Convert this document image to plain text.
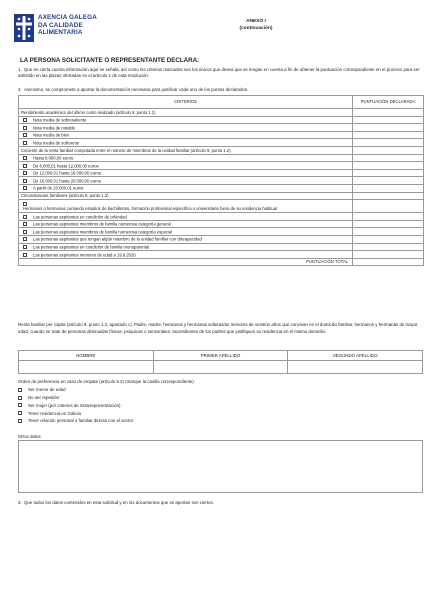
AXENCIA GALEGA
DA CALIDADE
ALIMENTARIA
ANEXO I
(continuación)
LA PERSONA SOLICITANTE O REPRESENTANTE DECLARA:
1. Que en cierta cuenta información aquí se señala, así como los criterios marcados son los únicos que desea que se tengan en cuenta a fin de obtener la puntuación correspondiente en el proceso para ser admitido en las plazas ofertadas en el artículo 1 de esta resolución.
2. Asimismo, se compromete a aportar la documentación necesaria para justificar cada uno de los puntos declarados.
CRITERIOS	PUNTUACIÓN DECLARADA
Rendimiento académico del último curso realizado (artículo 9, punto 1.1)	
Nota media de sobresaliente	
Nota media de notable	
Nota media de bien	
Nota media de suficiente	
Cociente de la renta familiar computada entre el número de miembros de la unidad familiar (artículo 9, punto 1.2)	
Hasta 8.000,00 euros	
De 8.000,01 hasta 12.000,00 euros	
De 12.000,01 hasta 16.000,00 euros	
De 16.000,01 hasta 20.000,00 euros	
A partir de 20.000,01 euros	
Circunstancias familiares (artículo 9, punto 1.3)	
Hermanos o hermanas cursando estudios de bachillerato, formación profesional específica o universitaria fuera de su residencia habitual	
Las personas aspirantes en condición de orfandad	
Las personas aspirantes miembros de familia numerosa categoría general	
Las personas aspirantes miembros de familia numerosa categoría especial	
Las personas aspirantes que tengan algún miembro de la unidad familiar con discapacidad	
Las personas aspirantes en condición de familia monoparental	
Las personas aspirantes menores de edad a 19.6.2026	
PUNTUACIÓN TOTAL	
Renta familiar per cápita (artículo 9, punto 1.2, apartado c). Padre, madre, hermanos y hermanas solteras/as menores de veintiún años que convivan en el domicilio familiar, hermanos y hermanas de mayor edad, cuando se trate de personas diminuidas físicas, psíquicas o sensoriales; ascendientes de los padres que justifiquen su residencia en el mismo domicilio
NOMBRE	PRIMER APELLIDO	SEGUNDO APELLIDO

Orden de preferencia en caso de empate (artículo 9.2) (marque la casilla correspondiente)
Ser menor de edad
No ser repetidor
Ser mujer (por criterios de intrarrepresentación)
Tener residencia en Galicia
Tener relación personal o familiar directa con el sector
Otros datos
3. Que todos los datos contenidos en esta solicitud y en los documentos que se aportan son ciertos.
